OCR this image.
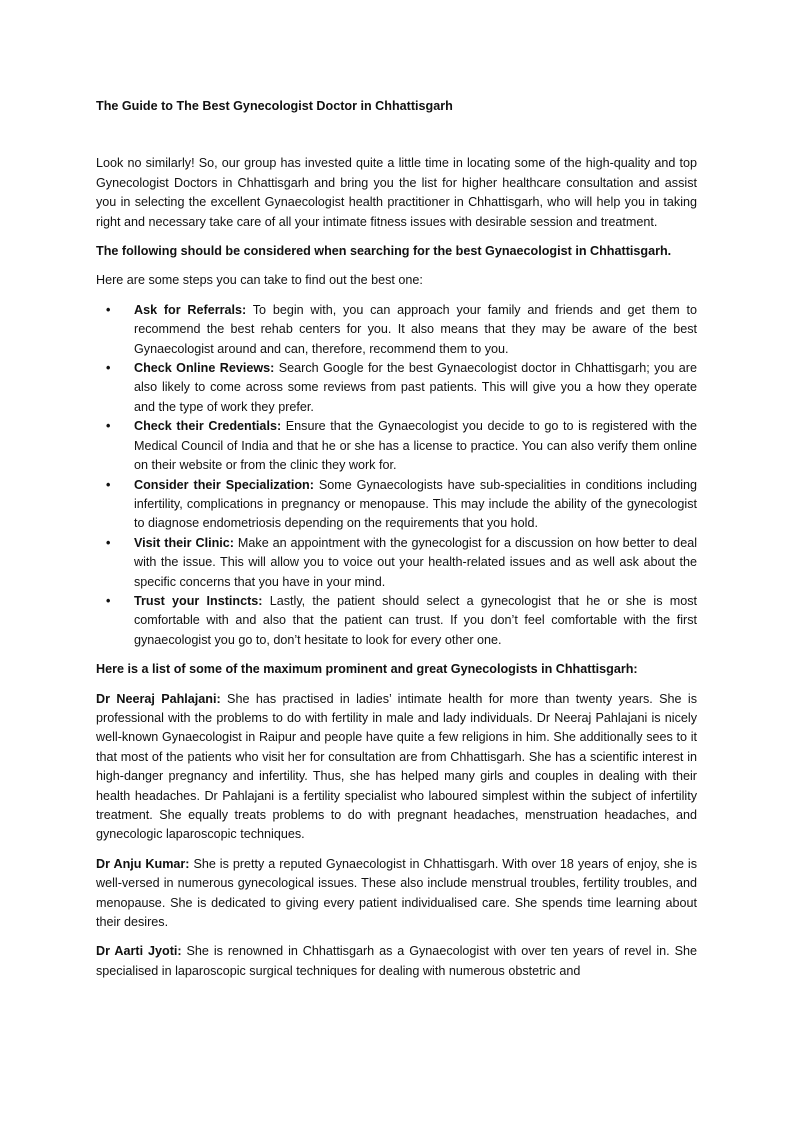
The Guide to The Best Gynecologist Doctor in Chhattisgarh

Look no similarly! So, our group has invested quite a little time in locating some of the high-quality and top Gynecologist Doctors in Chhattisgarh and bring you the list for higher healthcare consultation and assist you in selecting the excellent Gynaecologist health practitioner in Chhattisgarh, who will help you in taking right and necessary take care of all your intimate fitness issues with desirable session and treatment.

The following should be considered when searching for the best Gynaecologist in Chhattisgarh.

Here are some steps you can take to find out the best one:

• Ask for Referrals: To begin with, you can approach your family and friends and get them to recommend the best rehab centers for you. It also means that they may be aware of the best Gynaecologist around and can, therefore, recommend them to you.
• Check Online Reviews: Search Google for the best Gynaecologist doctor in Chhattisgarh; you are also likely to come across some reviews from past patients. This will give you a how they operate and the type of work they prefer.
• Check their Credentials: Ensure that the Gynaecologist you decide to go to is registered with the Medical Council of India and that he or she has a license to practice. You can also verify them online on their website or from the clinic they work for.
• Consider their Specialization: Some Gynaecologists have sub-specialities in conditions including infertility, complications in pregnancy or menopause. This may include the ability of the gynecologist to diagnose endometriosis depending on the requirements that you hold.
• Visit their Clinic: Make an appointment with the gynecologist for a discussion on how better to deal with the issue. This will allow you to voice out your health-related issues and as well ask about the specific concerns that you have in your mind.
• Trust your Instincts: Lastly, the patient should select a gynecologist that he or she is most comfortable with and also that the patient can trust. If you don’t feel comfortable with the first gynaecologist you go to, don’t hesitate to look for every other one.

Here is a list of some of the maximum prominent and great Gynecologists in Chhattisgarh:

Dr Neeraj Pahlajani: She has practised in ladies’ intimate health for more than twenty years. She is professional with the problems to do with fertility in male and lady individuals. Dr Neeraj Pahlajani is nicely well-known Gynaecologist in Raipur and people have quite a few religions in him. She additionally sees to it that most of the patients who visit her for consultation are from Chhattisgarh. She has a scientific interest in high-danger pregnancy and infertility. Thus, she has helped many girls and couples in dealing with their health headaches. Dr Pahlajani is a fertility specialist who laboured simplest within the subject of infertility treatment. She equally treats problems to do with pregnant headaches, menstruation headaches, and gynecologic laparoscopic techniques.

Dr Anju Kumar: She is pretty a reputed Gynaecologist in Chhattisgarh. With over 18 years of enjoy, she is well-versed in numerous gynecological issues. These also include menstrual troubles, fertility troubles, and menopause. She is dedicated to giving every patient individualised care. She spends time learning about their desires.

Dr Aarti Jyoti: She is renowned in Chhattisgarh as a Gynaecologist with over ten years of revel in. She specialised in laparoscopic surgical techniques for dealing with numerous obstetric and
